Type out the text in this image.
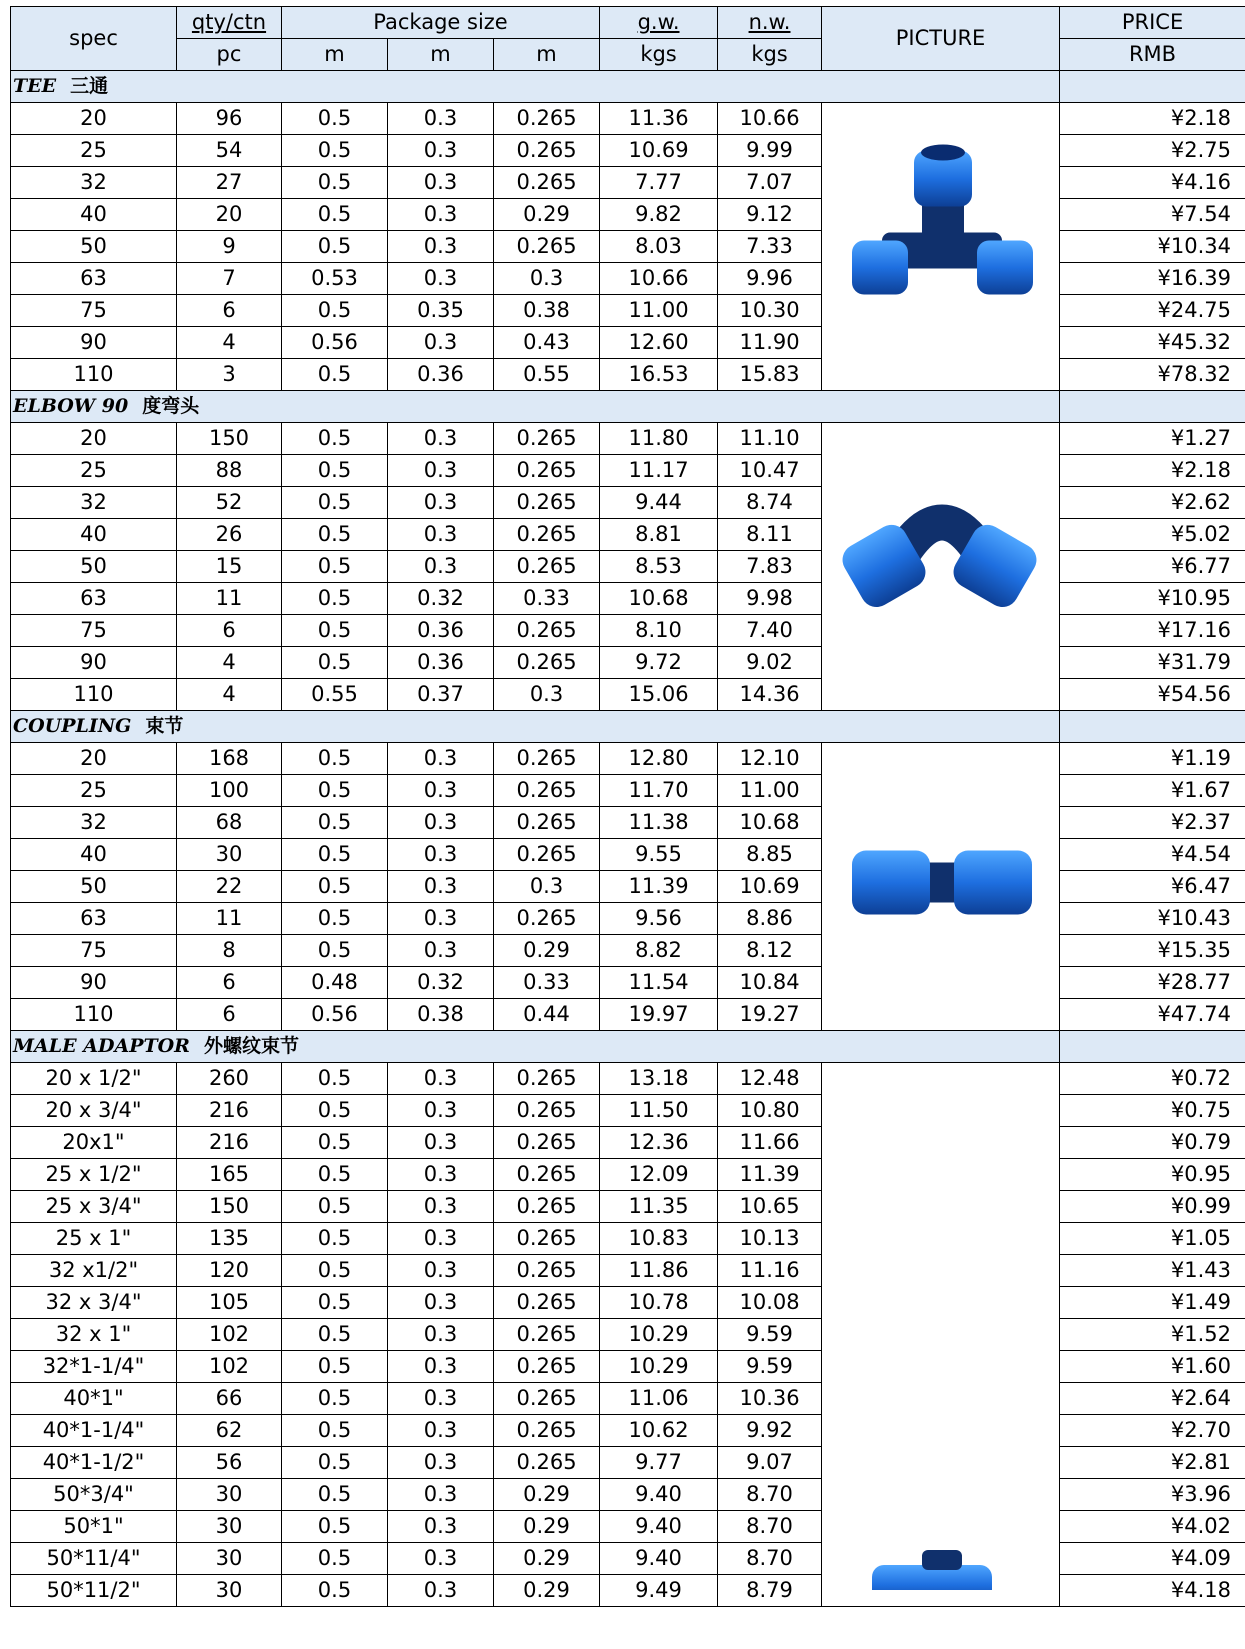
spec	qty/ctn	Package size			g.w.	n.w.	PICTURE	PRICE
	pc	m	m	m	kgs	kgs		RMB
TEE 三通								
20	96	0.5	0.3	0.265	11.36	10.66		¥2.18
25	54	0.5	0.3	0.265	10.69	9.99		¥2.75
32	27	0.5	0.3	0.265	7.77	7.07		¥4.16
40	20	0.5	0.3	0.29	9.82	9.12		¥7.54
50	9	0.5	0.3	0.265	8.03	7.33		¥10.34
63	7	0.53	0.3	0.3	10.66	9.96		¥16.39
75	6	0.5	0.35	0.38	11.00	10.30		¥24.75
90	4	0.56	0.3	0.43	12.60	11.90		¥45.32
110	3	0.5	0.36	0.55	16.53	15.83		¥78.32
ELBOW 90 度弯头								
20	150	0.5	0.3	0.265	11.80	11.10		¥1.27
25	88	0.5	0.3	0.265	11.17	10.47		¥2.18
32	52	0.5	0.3	0.265	9.44	8.74		¥2.62
40	26	0.5	0.3	0.265	8.81	8.11		¥5.02
50	15	0.5	0.3	0.265	8.53	7.83		¥6.77
63	11	0.5	0.32	0.33	10.68	9.98		¥10.95
75	6	0.5	0.36	0.265	8.10	7.40		¥17.16
90	4	0.5	0.36	0.265	9.72	9.02		¥31.79
110	4	0.55	0.37	0.3	15.06	14.36		¥54.56
COUPLING 束节								
20	168	0.5	0.3	0.265	12.80	12.10		¥1.19
25	100	0.5	0.3	0.265	11.70	11.00		¥1.67
32	68	0.5	0.3	0.265	11.38	10.68		¥2.37
40	30	0.5	0.3	0.265	9.55	8.85		¥4.54
50	22	0.5	0.3	0.3	11.39	10.69		¥6.47
63	11	0.5	0.3	0.265	9.56	8.86		¥10.43
75	8	0.5	0.3	0.29	8.82	8.12		¥15.35
90	6	0.48	0.32	0.33	11.54	10.84		¥28.77
110	6	0.56	0.38	0.44	19.97	19.27		¥47.74
MALE ADAPTOR 外螺纹束节								
20 x 1/2"	260	0.5	0.3	0.265	13.18	12.48		¥0.72
20 x 3/4"	216	0.5	0.3	0.265	11.50	10.80		¥0.75
20x1"	216	0.5	0.3	0.265	12.36	11.66		¥0.79
25 x 1/2"	165	0.5	0.3	0.265	12.09	11.39		¥0.95
25 x 3/4"	150	0.5	0.3	0.265	11.35	10.65		¥0.99
25 x 1"	135	0.5	0.3	0.265	10.83	10.13		¥1.05
32 x1/2"	120	0.5	0.3	0.265	11.86	11.16		¥1.43
32 x 3/4"	105	0.5	0.3	0.265	10.78	10.08		¥1.49
32 x 1"	102	0.5	0.3	0.265	10.29	9.59		¥1.52
32*1-1/4"	102	0.5	0.3	0.265	10.29	9.59		¥1.60
40*1"	66	0.5	0.3	0.265	11.06	10.36		¥2.64
40*1-1/4"	62	0.5	0.3	0.265	10.62	9.92		¥2.70
40*1-1/2"	56	0.5	0.3	0.265	9.77	9.07		¥2.81
50*3/4"	30	0.5	0.3	0.29	9.40	8.70		¥3.96
50*1"	30	0.5	0.3	0.29	9.40	8.70		¥4.02
50*11/4"	30	0.5	0.3	0.29	9.40	8.70		¥4.09
50*11/2"	30	0.5	0.3	0.29	9.49	8.79		¥4.18
